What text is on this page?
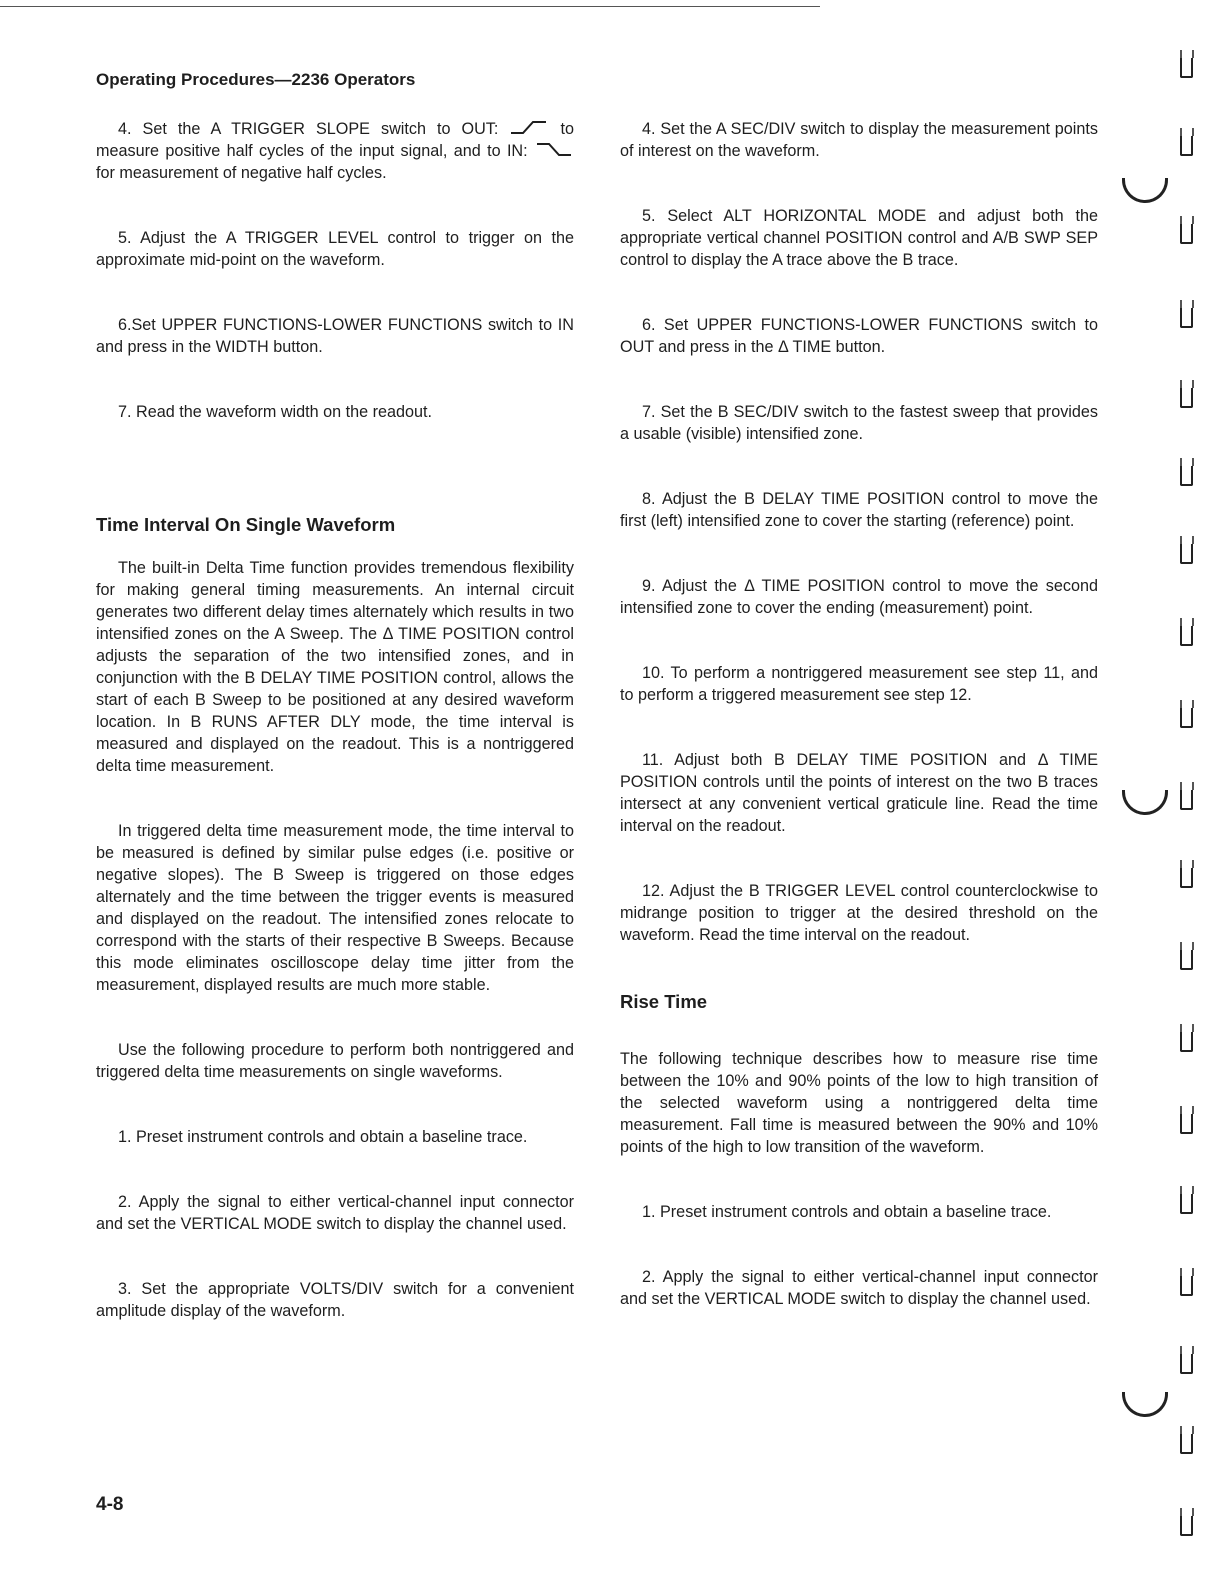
Operating Procedures—2236 Operators

4. Set the A TRIGGER SLOPE switch to OUT:	to measure positive half cycles of the input signal, and to IN:  for measurement of negative half cycles.

5. Adjust the A TRIGGER LEVEL control to trigger on the approximate mid-point on the waveform.

6.Set UPPER FUNCTIONS-LOWER FUNCTIONS switch to IN and press in the WIDTH button.

7. Read the waveform width on the readout.

Time Interval On Single Waveform

The built-in Delta Time function provides tremendous flexibility for making general timing measurements. An internal circuit generates two different delay times alternately which results in two intensified zones on the A Sweep. The Δ TIME POSITION control adjusts the separation of the two intensified zones, and in conjunction with the B DELAY TIME POSITION control, allows the start of each B Sweep to be positioned at any desired waveform location. In B RUNS AFTER DLY mode, the time interval is measured and displayed on the readout. This is a nontriggered delta time measurement.

In triggered delta time measurement mode, the time interval to be measured is defined by similar pulse edges (i.e. positive or negative slopes). The B Sweep is triggered on those edges alternately and the time between the trigger events is measured and displayed on the readout. The intensified zones relocate to correspond with the starts of their respective B Sweeps. Because this mode eliminates oscilloscope delay time jitter from the measurement, displayed results are much more stable.

Use the following procedure to perform both nontriggered and triggered delta time measurements on single waveforms.

1. Preset instrument controls and obtain a baseline trace.

2. Apply the signal to either vertical-channel input connector and set the VERTICAL MODE switch to display the channel used.

3. Set the appropriate VOLTS/DIV switch for a convenient amplitude display of the waveform.

4. Set the A SEC/DIV switch to display the measurement points of interest on the waveform.

5. Select ALT HORIZONTAL MODE and adjust both the appropriate vertical channel POSITION control and A/B SWP SEP control to display the A trace above the B trace.

6. Set UPPER FUNCTIONS-LOWER FUNCTIONS switch to OUT and press in the Δ TIME button.

7. Set the B SEC/DIV switch to the fastest sweep that provides a usable (visible) intensified zone.

8. Adjust the B DELAY TIME POSITION control to move the first (left) intensified zone to cover the starting (reference) point.

9. Adjust the Δ TIME POSITION control to move the second intensified zone to cover the ending (measurement) point.

10. To perform a nontriggered measurement see step 11, and to perform a triggered measurement see step 12.

11. Adjust both B DELAY TIME POSITION and Δ TIME POSITION controls until the points of interest on the two B traces intersect at any convenient vertical graticule line. Read the time interval on the readout.

12. Adjust the B TRIGGER LEVEL control counterclockwise to midrange position to trigger at the desired threshold on the waveform. Read the time interval on the readout.

Rise Time

The following technique describes how to measure rise time between the 10% and 90% points of the low to high transition of the selected waveform using a nontriggered delta time measurement. Fall time is measured between the 90% and 10% points of the high to low transition of the waveform.

1. Preset instrument controls and obtain a baseline trace.

2. Apply the signal to either vertical-channel input connector and set the VERTICAL MODE switch to display the channel used.

4-8
